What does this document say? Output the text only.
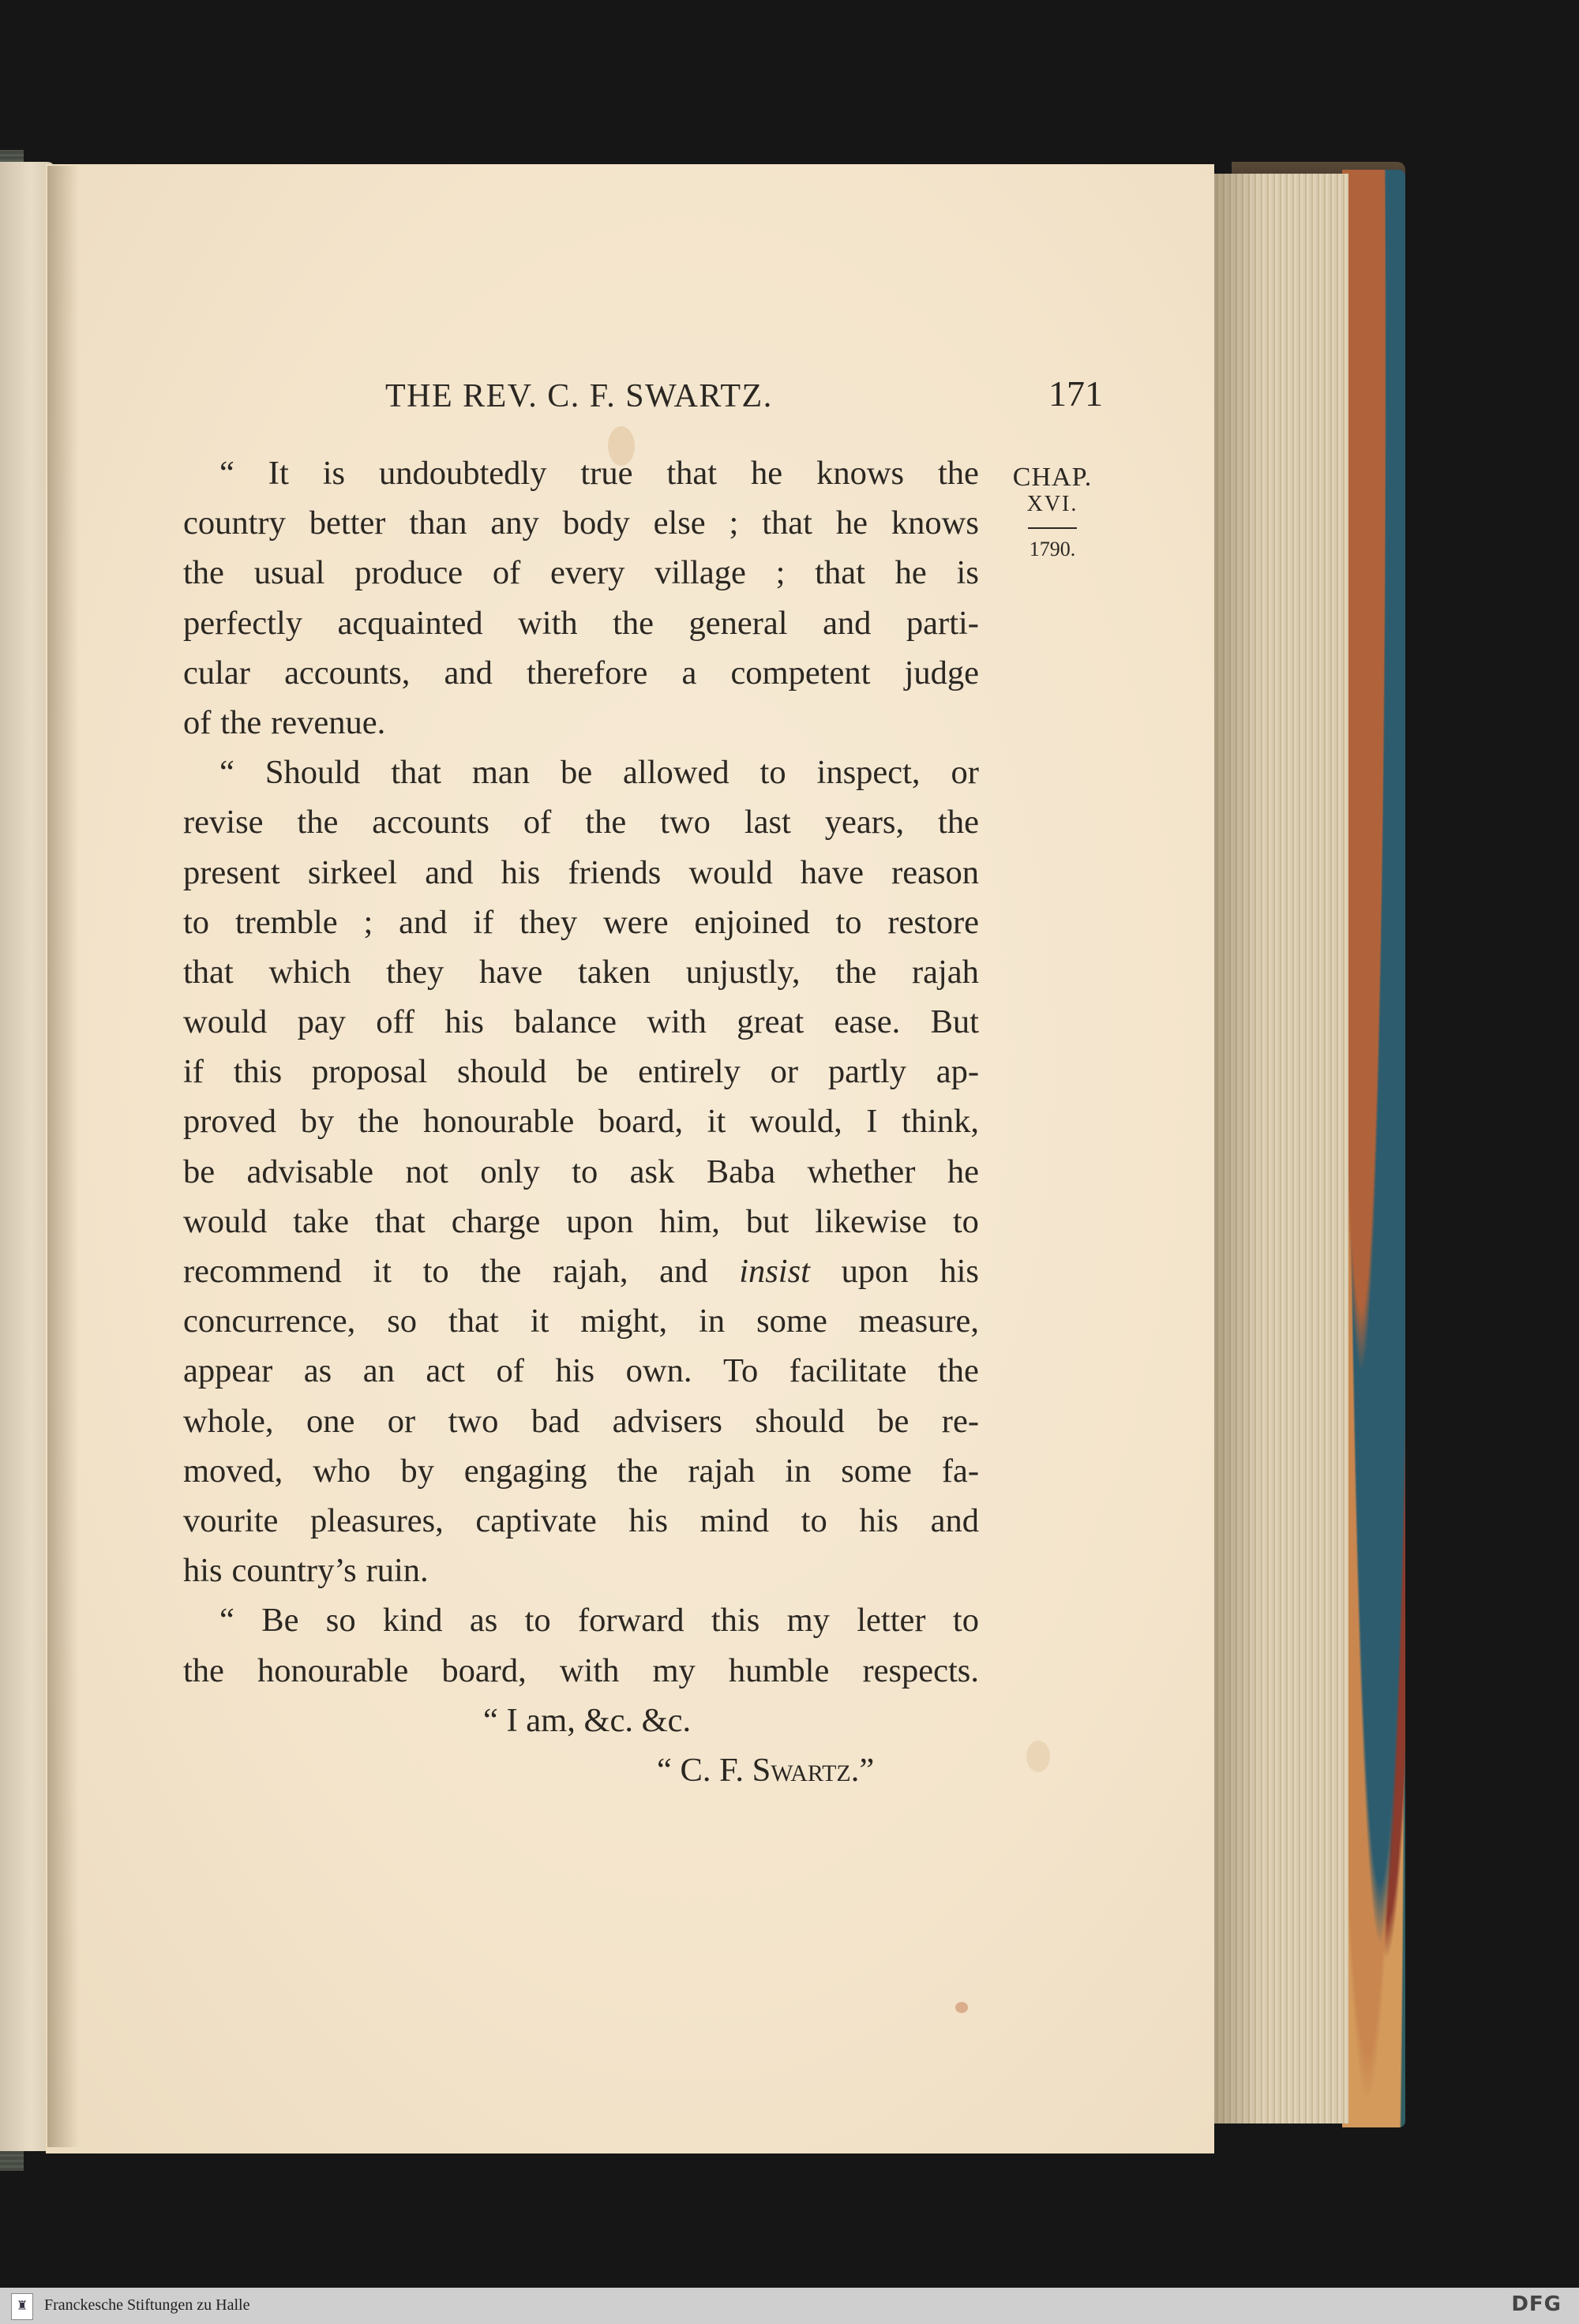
THE REV. C. F. SWARTZ.	171
CHAP.
XVI.
1790.
“ It is undoubtedly true that he knows the
country better than any body else ; that he knows
the usual produce of every village ; that he is
perfectly acquainted with the general and parti-
cular accounts, and therefore a competent judge
of the revenue.
“ Should that man be allowed to inspect, or
revise the accounts of the two last years, the
present sirkeel and his friends would have reason
to tremble ; and if they were enjoined to restore
that which they have taken unjustly, the rajah
would pay off his balance with great ease. But
if this proposal should be entirely or partly ap-
proved by the honourable board, it would, I think,
be advisable not only to ask Baba whether he
would take that charge upon him, but likewise to
recommend it to the rajah, and insist upon his
concurrence, so that it might, in some measure,
appear as an act of his own. To facilitate the
whole, one or two bad advisers should be re-
moved, who by engaging the rajah in some fa-
vourite pleasures, captivate his mind to his and
his country’s ruin.
“ Be so kind as to forward this my letter to
the honourable board, with my humble respects.
“ I am, &c. &c.
“ C. F. Swartz .”
♜	Franckesche Stiftungen zu Halle	DFG
